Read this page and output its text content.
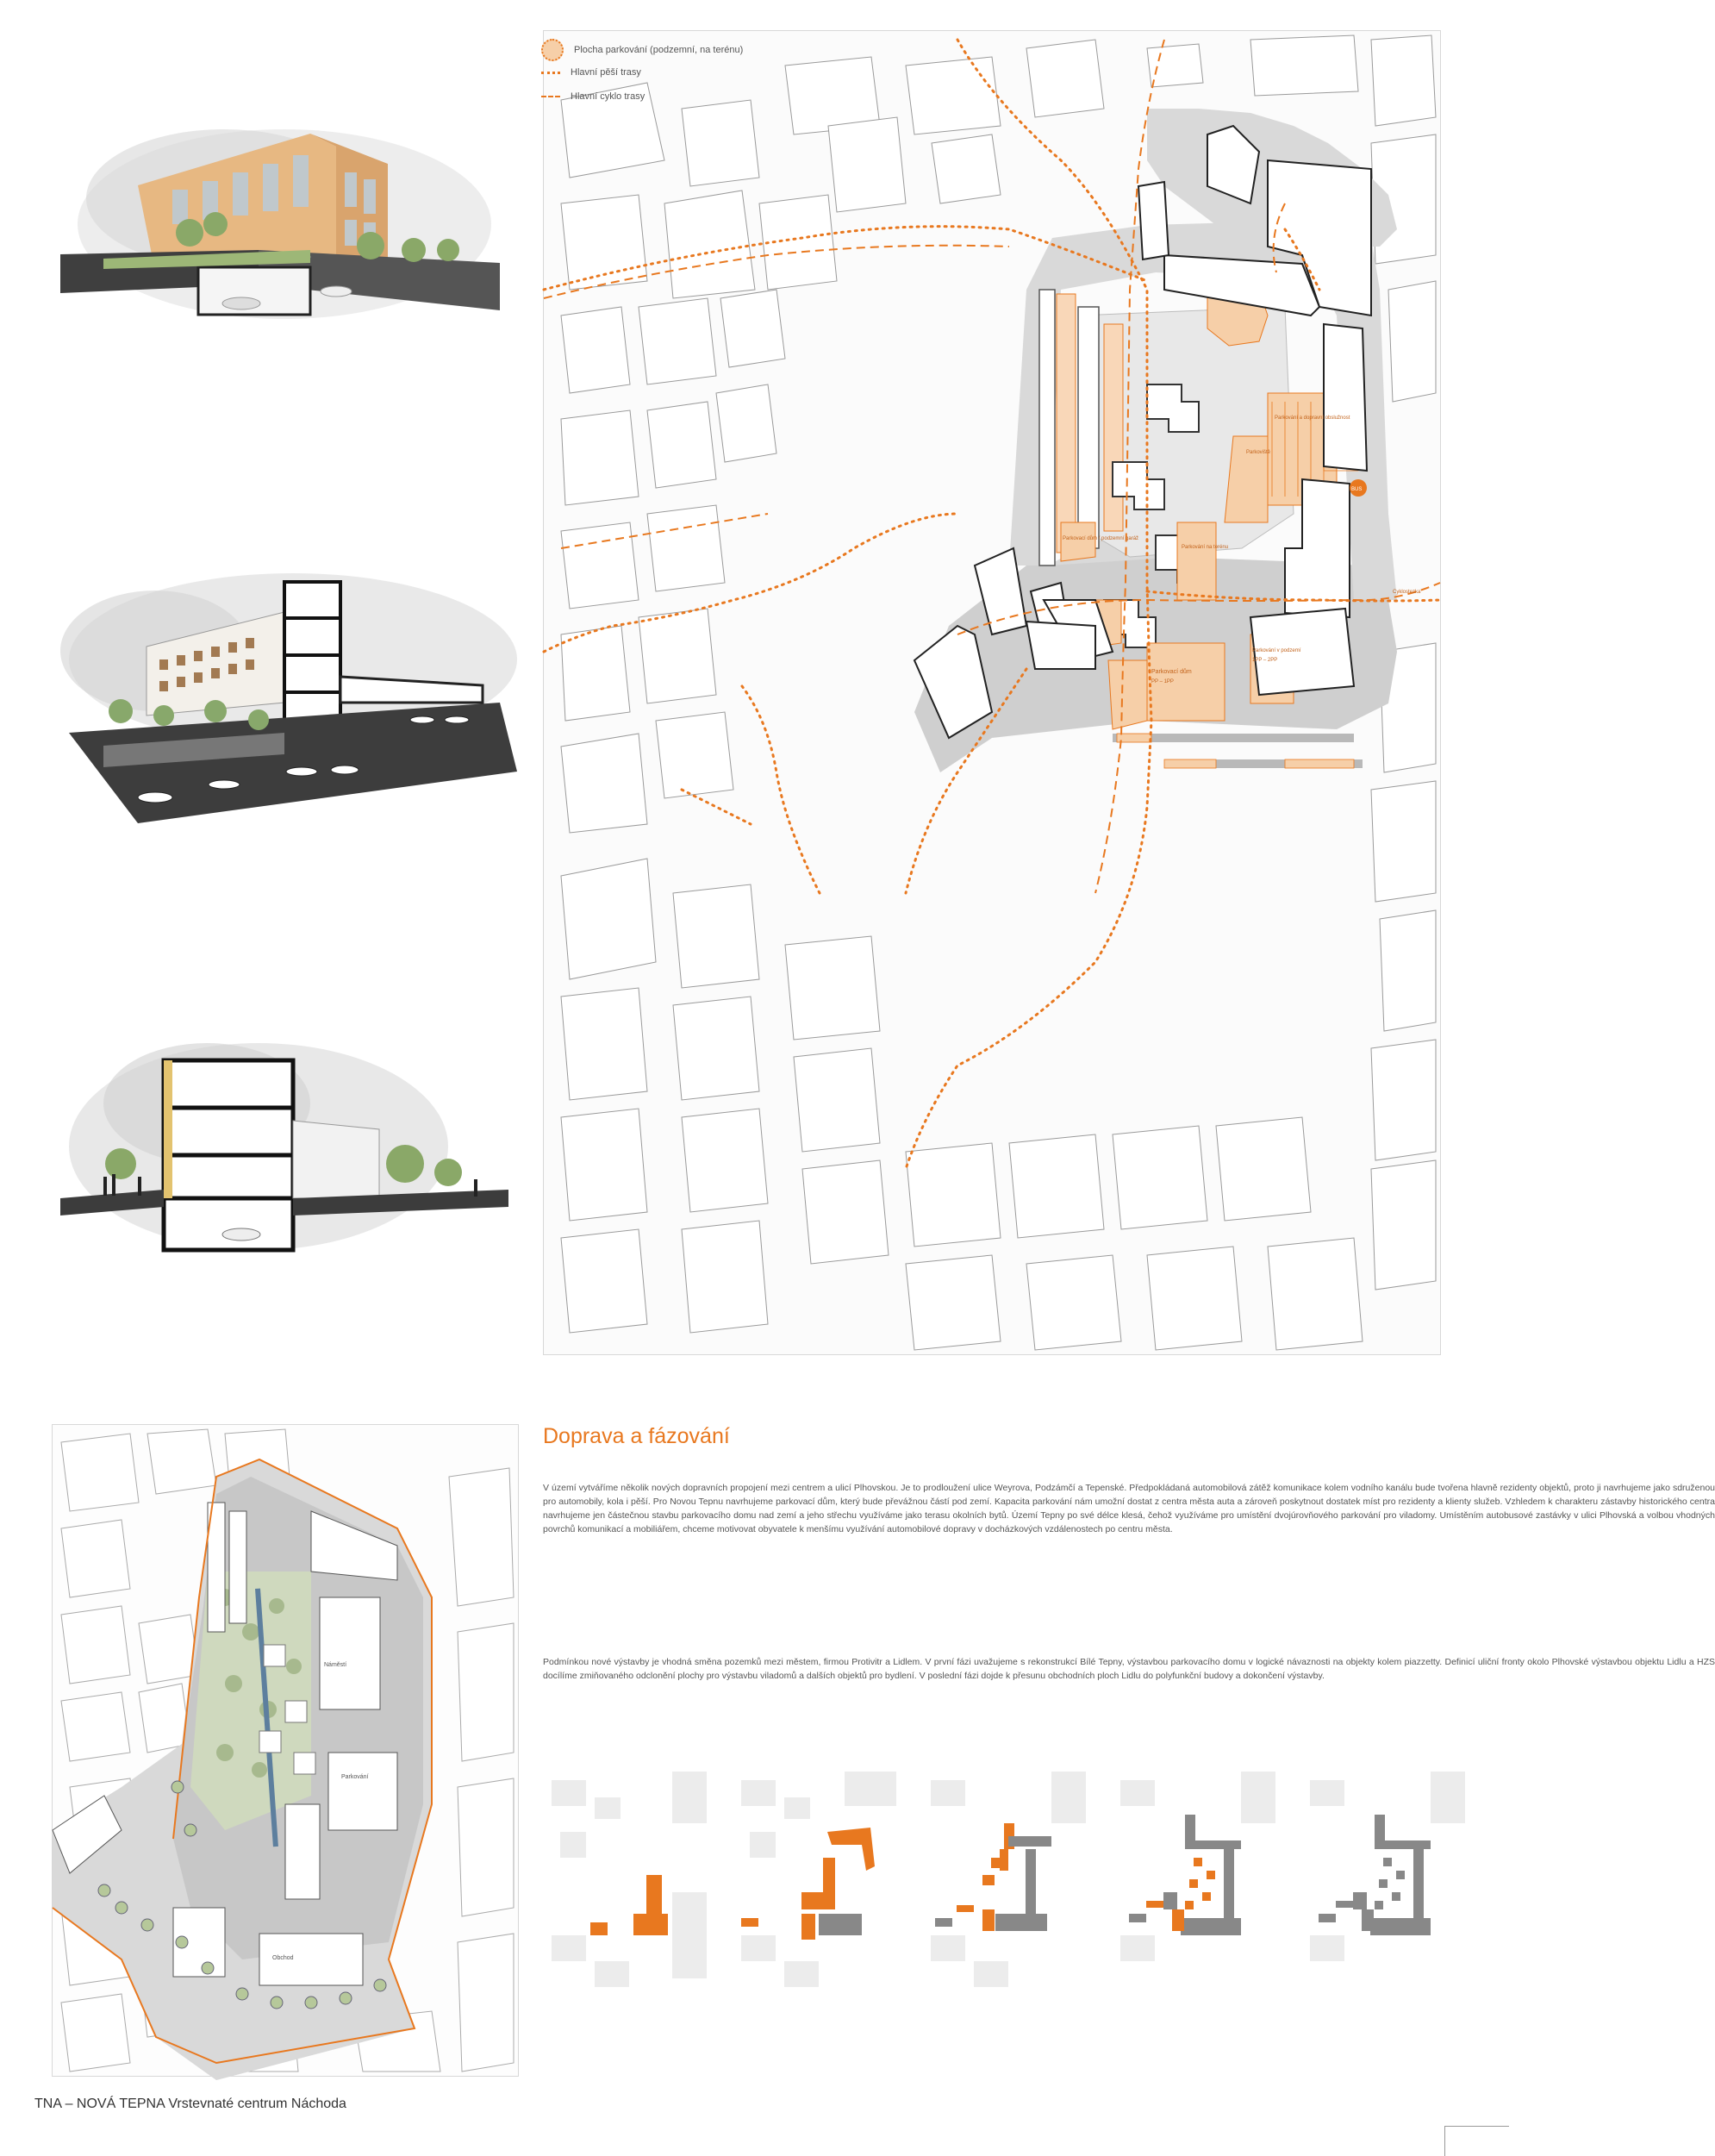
BUS
Parkovací dům / podzemní garáž
Parkování a dopravní obslužnost
Parkoviště
Parkování na terénu
Parkovací dům
PP – 1PP
Parkování v podzemí
1PP – 2PP
Cyklostezka
Plocha parkování (podzemní, na terénu)
Hlavní pěší trasy
Hlavní cyklo trasy
Parkování
Náměstí
Obchod
Doprava a fázování
V území vytváříme několik nových dopravních propojení mezi centrem a ulicí Plhovskou. Je to prodloužení ulice Weyrova, Podzámčí a Tepenské. Předpokládaná automobilová zátěž komunikace kolem vodního kanálu bude tvořena hlavně rezidenty objektů, proto ji navrhujeme jako sdruženou pro automobily, kola i pěší. Pro Novou Tepnu navrhujeme parkovací dům, který bude převážnou částí pod zemí. Kapacita parkování nám umožní dostat z centra města auta a zároveň poskytnout dostatek míst pro rezidenty a klienty služeb. Vzhledem k charakteru zástavby historického centra navrhujeme jen částečnou stavbu parkovacího domu nad zemí a jeho střechu využíváme jako terasu okolních bytů. Území Tepny po své délce klesá, čehož využíváme pro umístění dvojúrovňového parkování pro viladomy. Umístěním autobusové zastávky v ulici Plhovská a volbou vhodných povrchů komunikací a mobiliářem, chceme motivovat obyvatele k menšímu využívání automobilové dopravy v docházkových vzdálenostech po centru města.
Podmínkou nové výstavby je vhodná směna pozemků mezi městem, firmou Protivitr a Lidlem. V první fázi uvažujeme s rekonstrukcí Bílé Tepny, výstavbou parkovacího domu v logické návaznosti na objekty kolem piazzetty. Definicí uliční fronty okolo Plhovské výstavbou objektu Lidlu a HZS docílíme zmiňovaného odclonění plochy pro výstavbu viladomů a dalších objektů pro bydlení. V poslední fázi dojde k přesunu obchodních ploch Lidlu do polyfunkční budovy a dokončení výstavby.
TNA – NOVÁ TEPNA Vrstevnaté centrum Náchoda
